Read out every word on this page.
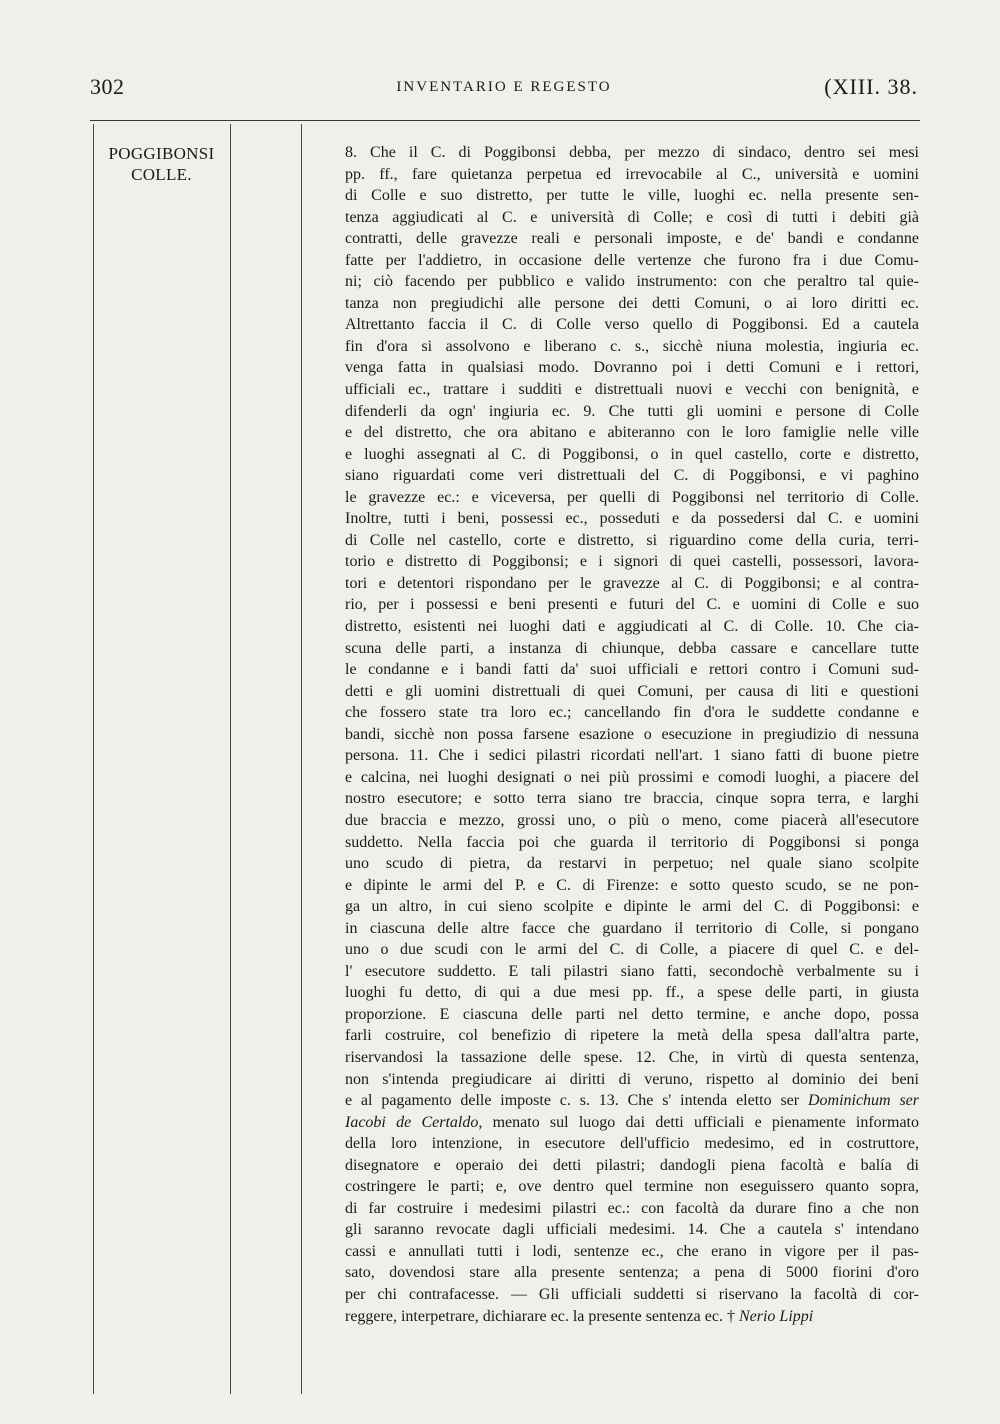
302	INVENTARIO E REGESTO	(XIII. 38.
POGGIBONSI
COLLE.
8. Che il C. di Poggibonsi debba, per mezzo di sindaco, dentro sei mesi
pp. ff., fare quietanza perpetua ed irrevocabile al C., università e uomini
di Colle e suo distretto, per tutte le ville, luoghi ec. nella presente sen-
tenza aggiudicati al C. e università di Colle; e così di tutti i debiti già
contratti, delle gravezze reali e personali imposte, e de' bandi e condanne
fatte per l'addietro, in occasione delle vertenze che furono fra i due Comu-
ni; ciò facendo per pubblico e valido instrumento: con che peraltro tal quie-
tanza non pregiudichi alle persone dei detti Comuni, o ai loro diritti ec.
Altrettanto faccia il C. di Colle verso quello di Poggibonsi. Ed a cautela
fin d'ora si assolvono e liberano c. s., sicchè niuna molestia, ingiuria ec.
venga fatta in qualsiasi modo. Dovranno poi i detti Comuni e i rettori,
ufficiali ec., trattare i sudditi e distrettuali nuovi e vecchi con benignità, e
difenderli da ogn' ingiuria ec. 9. Che tutti gli uomini e persone di Colle
e del distretto, che ora abitano e abiteranno con le loro famiglie nelle ville
e luoghi assegnati al C. di Poggibonsi, o in quel castello, corte e distretto,
siano riguardati come veri distrettuali del C. di Poggibonsi, e vi paghino
le gravezze ec.: e viceversa, per quelli di Poggibonsi nel territorio di Colle.
Inoltre, tutti i beni, possessi ec., posseduti e da possedersi dal C. e uomini
di Colle nel castello, corte e distretto, si riguardino come della curia, terri-
torio e distretto di Poggibonsi; e i signori di quei castelli, possessori, lavora-
tori e detentori rispondano per le gravezze al C. di Poggibonsi; e al contra-
rio, per i possessi e beni presenti e futuri del C. e uomini di Colle e suo
distretto, esistenti nei luoghi dati e aggiudicati al C. di Colle. 10. Che cia-
scuna delle parti, a instanza di chiunque, debba cassare e cancellare tutte
le condanne e i bandi fatti da' suoi ufficiali e rettori contro i Comuni sud-
detti e gli uomini distrettuali di quei Comuni, per causa di liti e questioni
che fossero state tra loro ec.; cancellando fin d'ora le suddette condanne e
bandi, sicchè non possa farsene esazione o esecuzione in pregiudizio di nessuna
persona. 11. Che i sedici pilastri ricordati nell'art. 1 siano fatti di buone pietre
e calcina, nei luoghi designati o nei più prossimi e comodi luoghi, a piacere del
nostro esecutore; e sotto terra siano tre braccia, cinque sopra terra, e larghi
due braccia e mezzo, grossi uno, o più o meno, come piacerà all'esecutore
suddetto. Nella faccia poi che guarda il territorio di Poggibonsi si ponga
uno scudo di pietra, da restarvi in perpetuo; nel quale siano scolpite
e dipinte le armi del P. e C. di Firenze: e sotto questo scudo, se ne pon-
ga un altro, in cui sieno scolpite e dipinte le armi del C. di Poggibonsi: e
in ciascuna delle altre facce che guardano il territorio di Colle, si pongano
uno o due scudi con le armi del C. di Colle, a piacere di quel C. e del-
l' esecutore suddetto. E tali pilastri siano fatti, secondochè verbalmente su i
luoghi fu detto, di qui a due mesi pp. ff., a spese delle parti, in giusta
proporzione. E ciascuna delle parti nel detto termine, e anche dopo, possa
farli costruire, col benefizio di ripetere la metà della spesa dall'altra parte,
riservandosi la tassazione delle spese. 12. Che, in virtù di questa sentenza,
non s'intenda pregiudicare ai diritti di veruno, rispetto al dominio dei beni
e al pagamento delle imposte c. s. 13. Che s' intenda eletto ser Dominichum ser
Iacobi de Certaldo, menato sul luogo dai detti ufficiali e pienamente informato
della loro intenzione, in esecutore dell'ufficio medesimo, ed in costruttore,
disegnatore e operaio dei detti pilastri; dandogli piena facoltà e balía di
costringere le parti; e, ove dentro quel termine non eseguissero quanto sopra,
di far costruire i medesimi pilastri ec.: con facoltà da durare fino a che non
gli saranno revocate dagli ufficiali medesimi. 14. Che a cautela s' intendano
cassi e annullati tutti i lodi, sentenze ec., che erano in vigore per il pas-
sato, dovendosi stare alla presente sentenza; a pena di 5000 fiorini d'oro
per chi contrafacesse. — Gli ufficiali suddetti si riservano la facoltà di cor-
reggere, interpetrare, dichiarare ec. la presente sentenza ec. † Nerio Lippi
